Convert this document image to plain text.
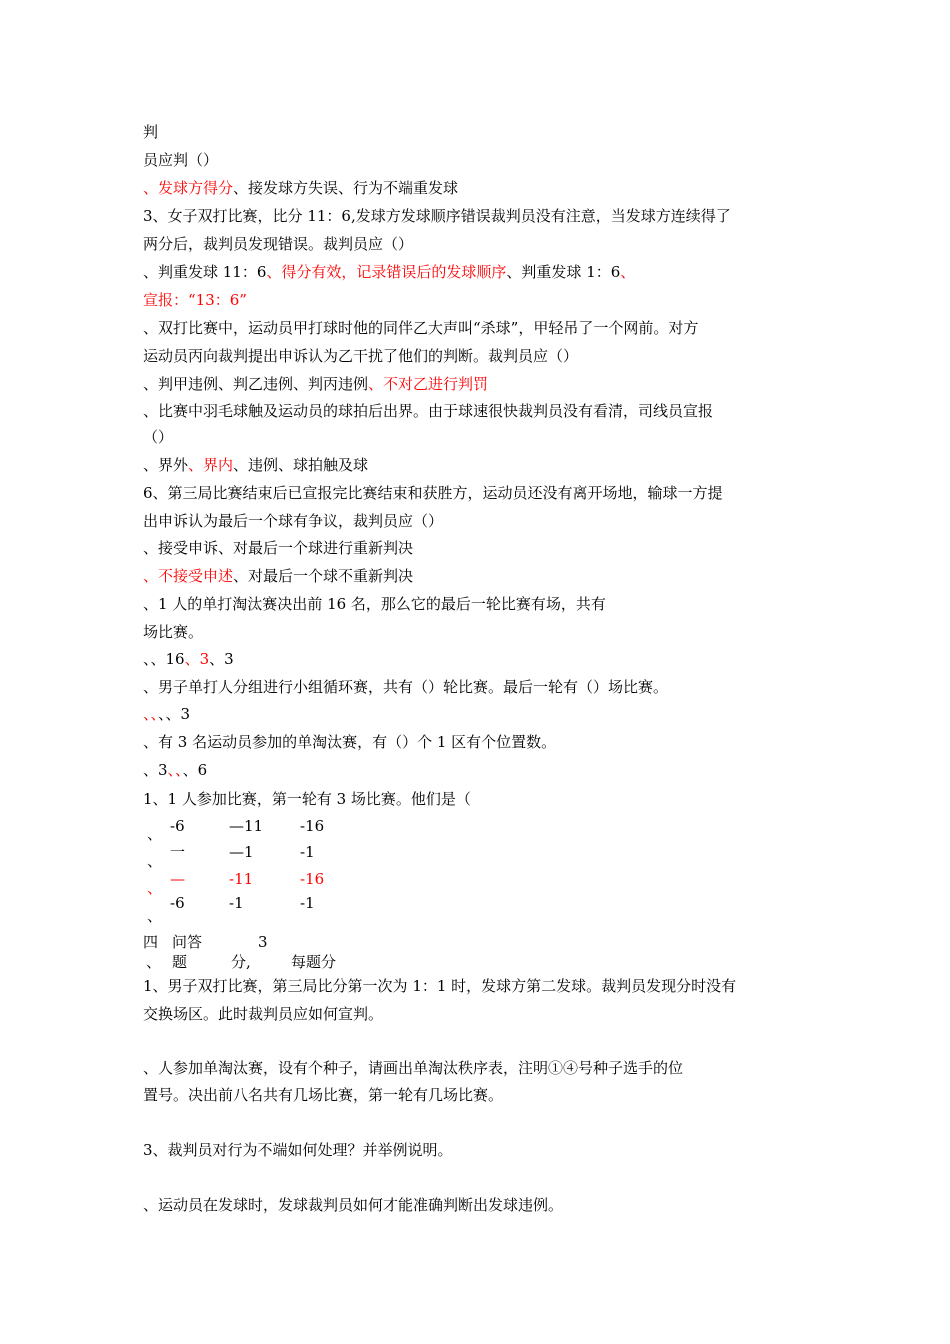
判
员应判（）
、发球方得分、接发球方失误、行为不端重发球
3、女子双打比赛，比分 11：6,发球方发球顺序错误裁判员没有注意，当发球方连续得了
两分后，裁判员发现错误。裁判员应（）
、判重发球 11：6、得分有效，记录错误后的发球顺序、判重发球 1：6、
宣报：“13：6”
、双打比赛中，运动员甲打球时他的同伴乙大声叫“杀球”，甲轻吊了一个网前。对方
运动员丙向裁判提出申诉认为乙干扰了他们的判断。裁判员应（）
、判甲违例、判乙违例、判丙违例、不对乙进行判罚
、比赛中羽毛球触及运动员的球拍后出界。由于球速很快裁判员没有看清，司线员宣报
（）
、界外、界内、违例、球拍触及球
6、第三局比赛结束后已宣报完比赛结束和获胜方，运动员还没有离开场地，输球一方提
出申诉认为最后一个球有争议，裁判员应（）
、接受申诉、对最后一个球进行重新判决
、不接受申述、对最后一个球不重新判决
、1 人的单打淘汰赛决出前 16 名，那么它的最后一轮比赛有场，共有
场比赛。
、、16、3、3
、男子单打人分组进行小组循环赛，共有（）轮比赛。最后一轮有（）场比赛。
、、、、3
、有 3 名运动员参加的单淘汰赛，有（）个 1 区有个位置数。
、3、、、6
1、1 人参加比赛，第一轮有 3 场比赛。他们是（
、 -6	—11 -16
、 一	—1	-1
、 —	-11	-16
、
-6	-1	-1
四 问答	3
、 题	分,	每题分
1、男子双打比赛，第三局比分第一次为 1：1 时，发球方第二发球。裁判员发现分时没有
交换场区。此时裁判员应如何宣判。
、人参加单淘汰赛，设有个种子，请画出单淘汰秩序表，注明①④号种子选手的位
置号。决出前八名共有几场比赛，第一轮有几场比赛。
3、裁判员对行为不端如何处理？并举例说明。
、运动员在发球时，发球裁判员如何才能准确判断出发球违例。
